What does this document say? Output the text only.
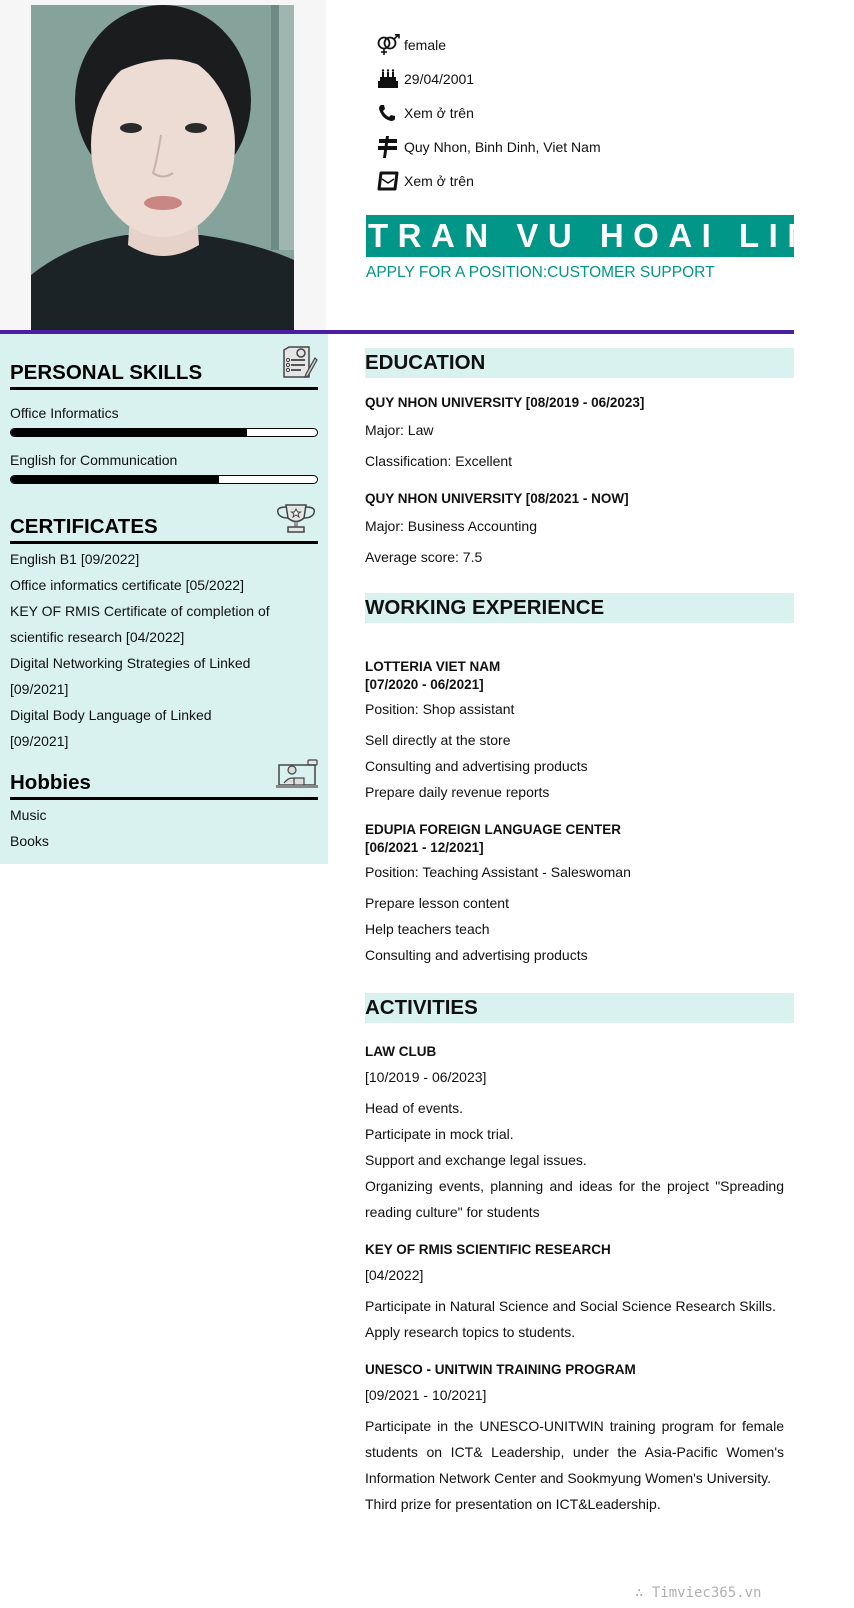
female
29/04/2001
Xem ở trên
Quy Nhon, Binh Dinh, Viet Nam
Xem ở trên
TRAN VU HOAI LINH
APPLY FOR A POSITION:CUSTOMER SUPPORT
PERSONAL SKILLS
Office Informatics
English for Communication
CERTIFICATES
English B1 [09/2022]
Office informatics certificate [05/2022]
KEY OF RMIS Certificate of completion of scientific research [04/2022]
Digital Networking Strategies of Linked [09/2021]
Digital Body Language of Linked [09/2021]
Hobbies
Music
Books
EDUCATION
QUY NHON UNIVERSITY [08/2019 - 06/2023]
Major: Law
Classification: Excellent
QUY NHON UNIVERSITY [08/2021 - NOW]
Major: Business Accounting
Average score: 7.5
WORKING EXPERIENCE
LOTTERIA VIET NAM
[07/2020 - 06/2021]
Position: Shop assistant
Sell directly at the store
Consulting and advertising products
Prepare daily revenue reports
EDUPIA FOREIGN LANGUAGE CENTER
[06/2021 - 12/2021]
Position: Teaching Assistant - Saleswoman
Prepare lesson content
Help teachers teach
Consulting and advertising products
ACTIVITIES
LAW CLUB
[10/2019 - 06/2023]
Head of events.
Participate in mock trial.
Support and exchange legal issues.
Organizing events, planning and ideas for the project "Spreading reading culture" for students
KEY OF RMIS SCIENTIFIC RESEARCH
[04/2022]
Participate in Natural Science and Social Science Research Skills.
Apply research topics to students.
UNESCO - UNITWIN TRAINING PROGRAM
[09/2021 - 10/2021]
Participate in the UNESCO-UNITWIN training program for female students on ICT& Leadership, under the Asia-Pacific Women's Information Network Center and Sookmyung Women's University.
Third prize for presentation on ICT&Leadership.
∴ Timviec365.vn
